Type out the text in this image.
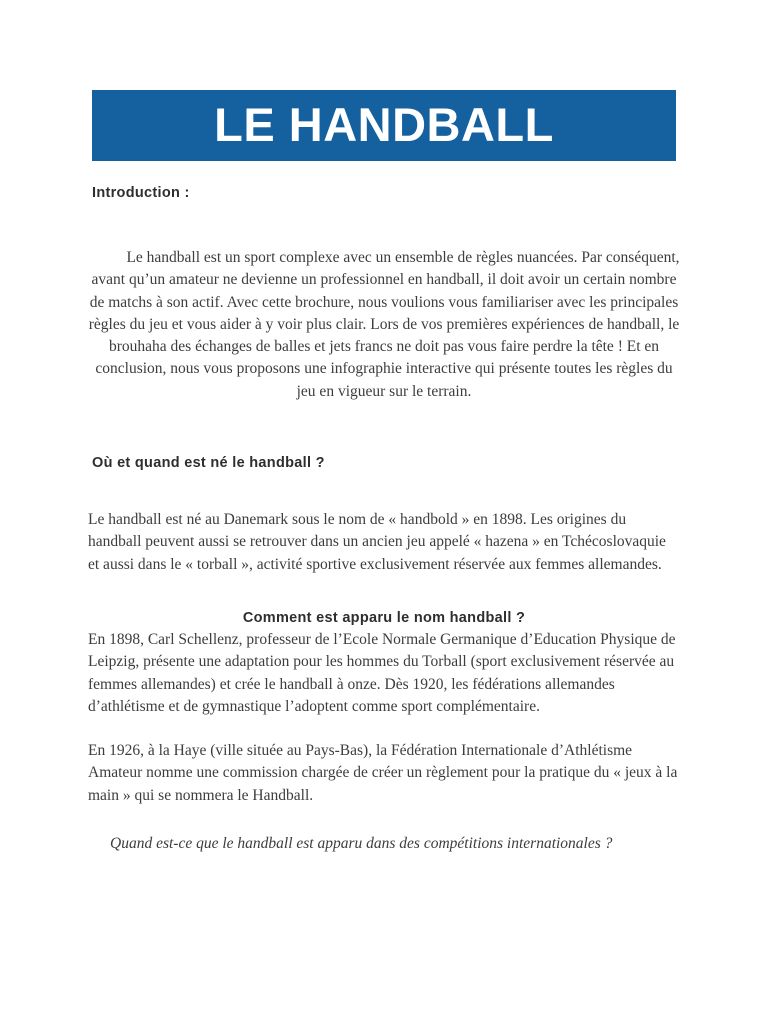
LE HANDBALL
Introduction :

Le handball est un sport complexe avec un ensemble de règles nuancées. Par conséquent, avant qu’un amateur ne devienne un professionnel en handball, il doit avoir un certain nombre de matchs à son actif. Avec cette brochure, nous voulions vous familiariser avec les principales règles du jeu et vous aider à y voir plus clair. Lors de vos premières expériences de handball, le brouhaha des échanges de balles et jets francs ne doit pas vous faire perdre la tête ! Et en conclusion, nous vous proposons une infographie interactive qui présente toutes les règles du jeu en vigueur sur le terrain.

Où et quand est né le handball ?

Le handball est né au Danemark sous le nom de « handbold » en 1898. Les origines du handball peuvent aussi se retrouver dans un ancien jeu appelé « hazena » en Tchécoslovaquie et aussi dans le « torball », activité sportive exclusivement réservée aux femmes allemandes.

Comment est apparu le nom handball ?

En 1898, Carl Schellenz, professeur de l’Ecole Normale Germanique d’Education Physique de Leipzig, présente une adaptation pour les hommes du Torball (sport exclusivement réservée au femmes allemandes) et crée le handball à onze. Dès 1920, les fédérations allemandes d’athlétisme et de gymnastique l’adoptent comme sport complémentaire.

En 1926, à la Haye (ville située au Pays-Bas), la Fédération Internationale d’Athlétisme Amateur nomme une commission chargée de créer un règlement pour la pratique du « jeux à la main » qui se nommera le Handball.

Quand est-ce que le handball est apparu dans des compétitions internationales ?
